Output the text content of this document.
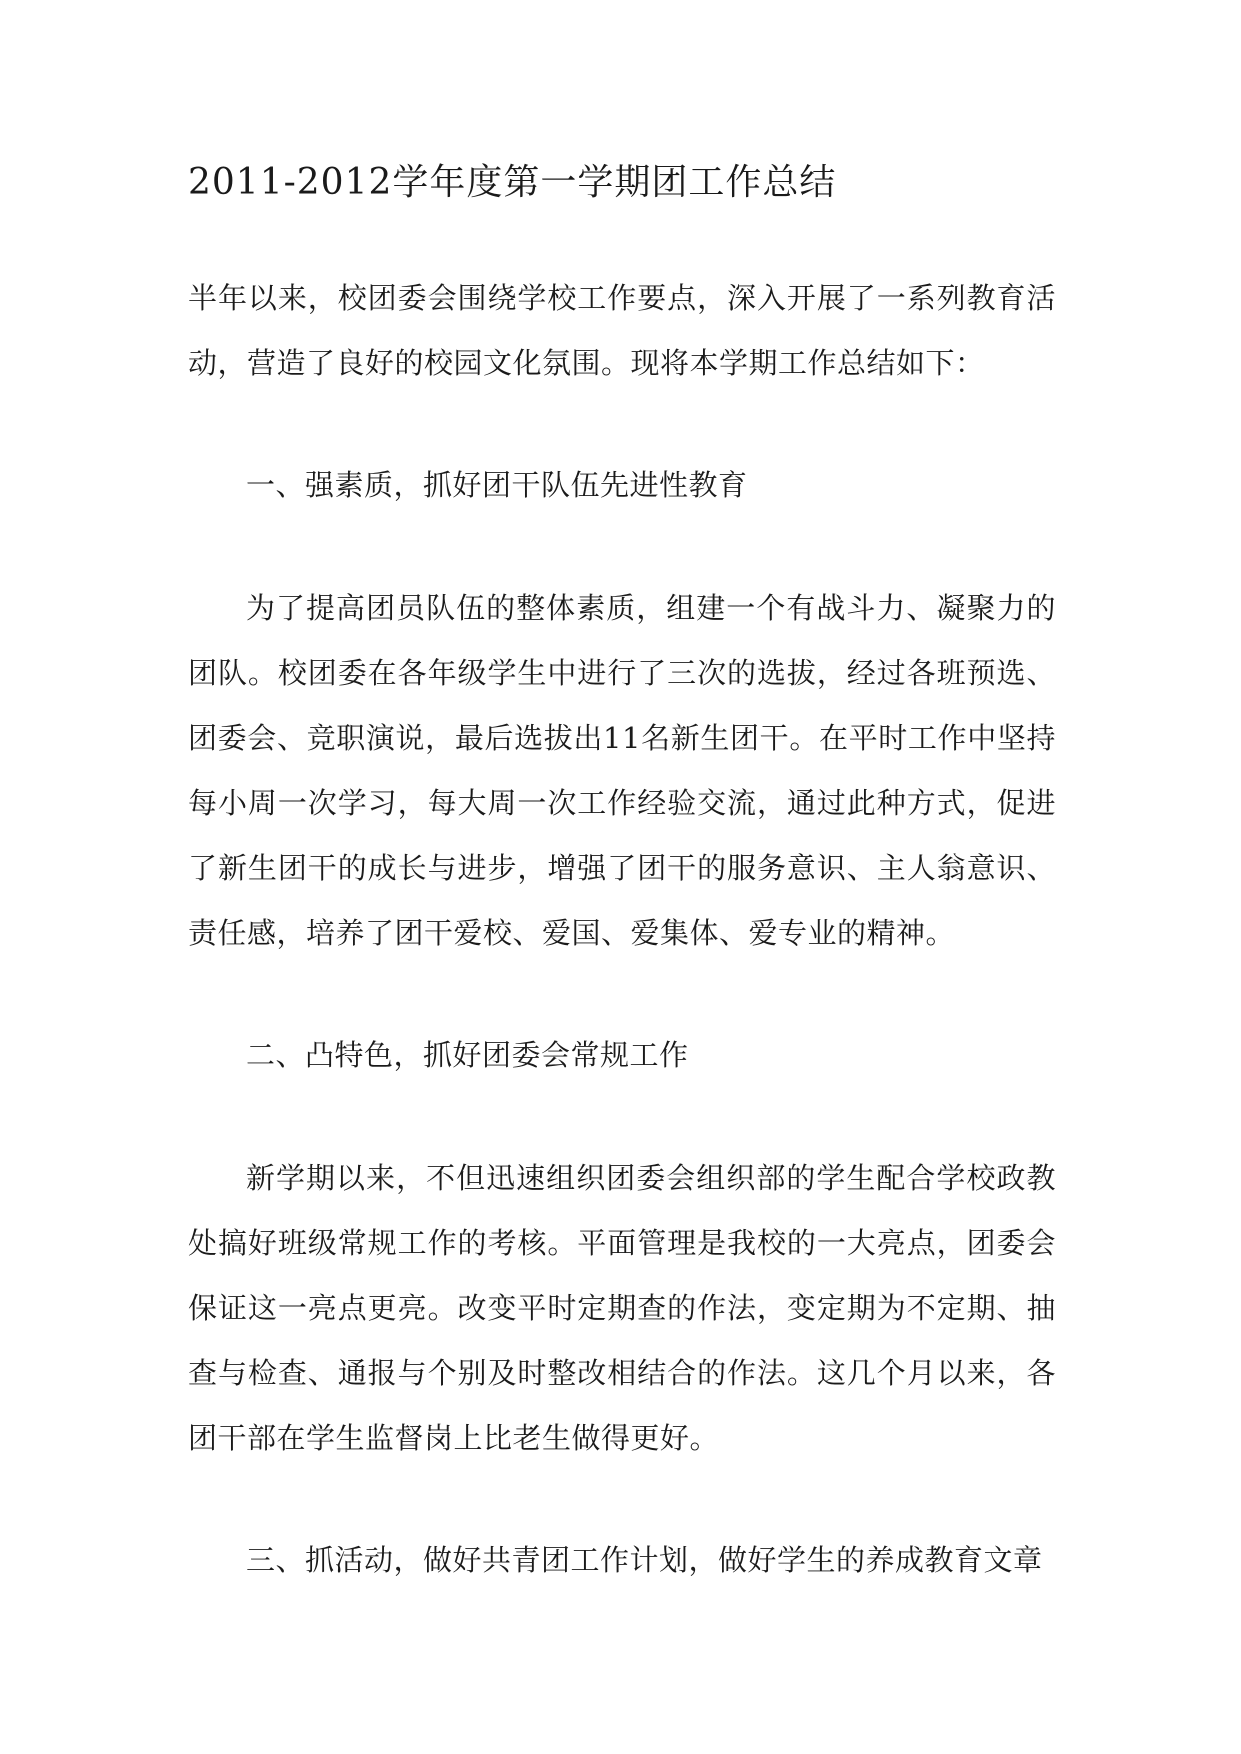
2011-2012学年度第一学期团工作总结

半年以来，校团委会围绕学校工作要点，深入开展了一系列教育活动，营造了良好的校园文化氛围。现将本学期工作总结如下：

一、强素质，抓好团干队伍先进性教育

为了提高团员队伍的整体素质，组建一个有战斗力、凝聚力的团队。校团委在各年级学生中进行了三次的选拔，经过各班预选、团委会、竞职演说，最后选拔出11名新生团干。在平时工作中坚持每小周一次学习，每大周一次工作经验交流，通过此种方式，促进了新生团干的成长与进步，增强了团干的服务意识、主人翁意识、责任感，培养了团干爱校、爱国、爱集体、爱专业的精神。

二、凸特色，抓好团委会常规工作

新学期以来，不但迅速组织团委会组织部的学生配合学校政教处搞好班级常规工作的考核。平面管理是我校的一大亮点，团委会保证这一亮点更亮。改变平时定期查的作法，变定期为不定期、抽查与检查、通报与个别及时整改相结合的作法。这几个月以来，各团干部在学生监督岗上比老生做得更好。

三、抓活动，做好共青团工作计划，做好学生的养成教育文章
